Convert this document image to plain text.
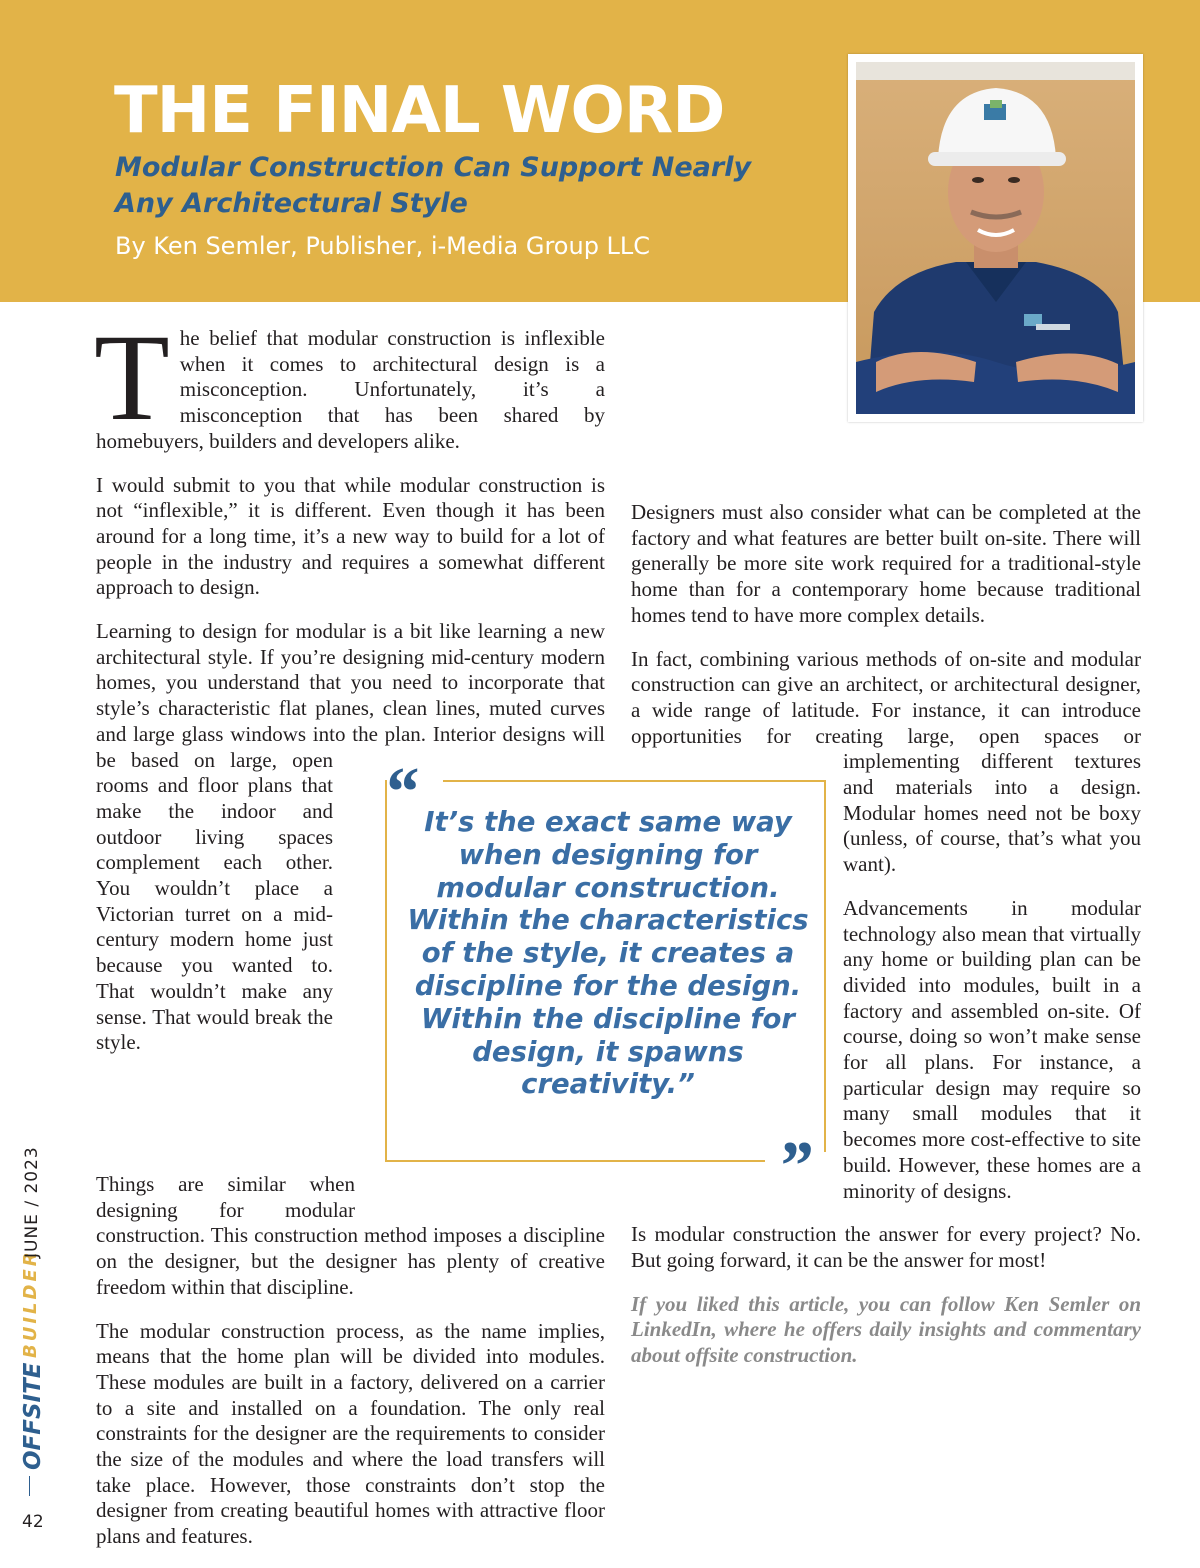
THE FINAL WORD
Modular Construction Can Support Nearly Any Architectural Style

By Ken Semler, Publisher, i-Media Group LLC

The belief that modular construction is inflexible when it comes to architectural design is a misconception. Unfortunately, it’s a misconception that has been shared by homebuyers, builders and developers alike.

I would submit to you that while modular construction is not “inflexible,” it is different. Even though it has been around for a long time, it’s a new way to build for a lot of people in the industry and requires a somewhat different approach to design.

Learning to design for modular is a bit like learning a new architectural style. If you’re designing mid-century modern homes, you understand that you need to incorporate that style’s characteristic flat planes, clean lines, muted curves and large glass windows into the plan. Interior designs will be based on large, open rooms and floor plans that make the indoor and outdoor living spaces complement each other. You wouldn’t place a Victorian turret on a mid-century modern home just because you wanted to. That wouldn’t make any sense. That would break the style.

Things are similar when designing for modular construction. This construction method imposes a discipline on the designer, but the designer has plenty of creative freedom within that discipline.

The modular construction process, as the name implies, means that the home plan will be divided into modules. These modules are built in a factory, delivered on a carrier to a site and installed on a foundation. The only real constraints for the designer are the requirements to consider the size of the modules and where the load transfers will take place. However, those constraints don’t stop the designer from creating beautiful homes with attractive floor plans and features.

Designers must also consider what can be completed at the factory and what features are better built on-site. There will generally be more site work required for a traditional-style home than for a contemporary home because traditional homes tend to have more complex details.

In fact, combining various methods of on-site and modular construction can give an architect, or architectural designer, a wide range of latitude. For instance, it can introduce opportunities for creating large, open spaces or implementing different textures and materials into a design. Modular homes need not be boxy (unless, of course, that’s what you want).

Advancements in modular technology also mean that virtually any home or building plan can be divided into modules, built in a factory and assembled on-site. Of course, doing so won’t make sense for all plans. For instance, a particular design may require so many small modules that it becomes more cost-effective to site build. However, these homes are a minority of designs.

Is modular construction the answer for every project? No. But going forward, it can be the answer for most!

If you liked this article, you can follow Ken Semler on LinkedIn, where he offers daily insights and commentary about offsite construction.

“
”

It’s the exact same way when designing for modular construction. Within the characteristics of the style, it creates a discipline for the design. Within the discipline for design, it spawns creativity.”

OFFSITE
BUILDER
JUNE / 2023
42
